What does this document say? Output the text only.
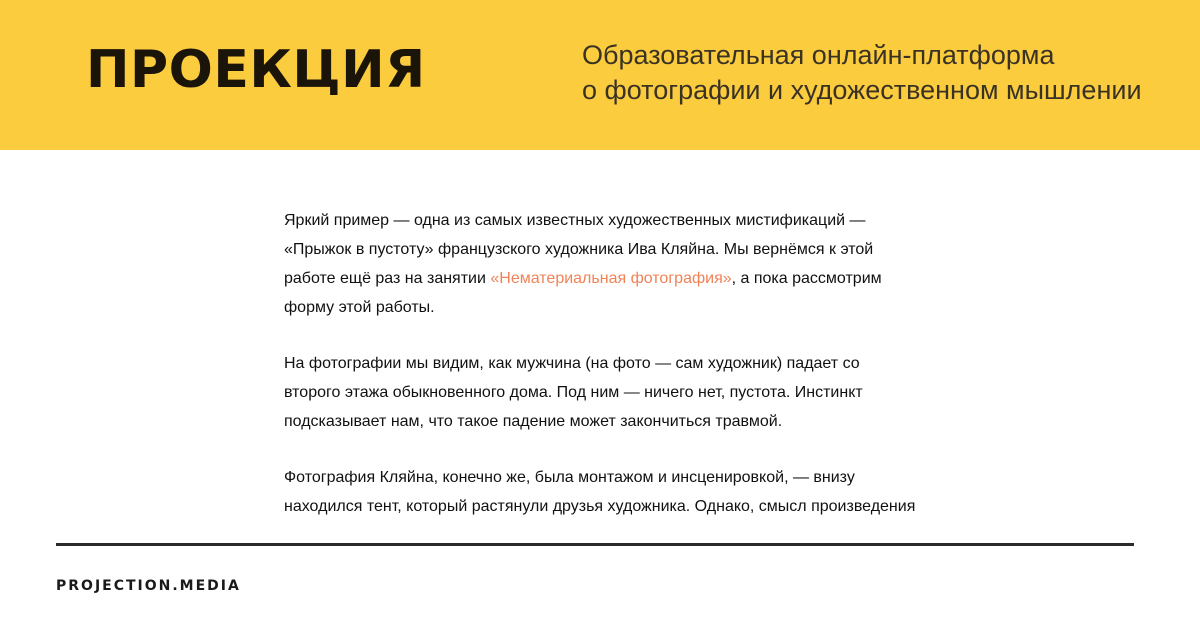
ПРОЕКЦИЯ	Образовательная онлайн-платформа
о фотографии и художественном мышлении

Яркий пример — одна из самых известных художественных мистификаций —
«Прыжок в пустоту» французского художника Ива Кляйна. Мы вернёмся к этой
работе ещё раз на занятии «Нематериальная фотография», а пока рассмотрим
форму этой работы.

На фотографии мы видим, как мужчина (на фото — сам художник) падает со
второго этажа обыкновенного дома. Под ним — ничего нет, пустота. Инстинкт
подсказывает нам, что такое падение может закончиться травмой.

Фотография Кляйна, конечно же, была монтажом и инсценировкой, — внизу
находился тент, который растянули друзья художника. Однако, смысл произведения

PROJECTION.MEDIA
